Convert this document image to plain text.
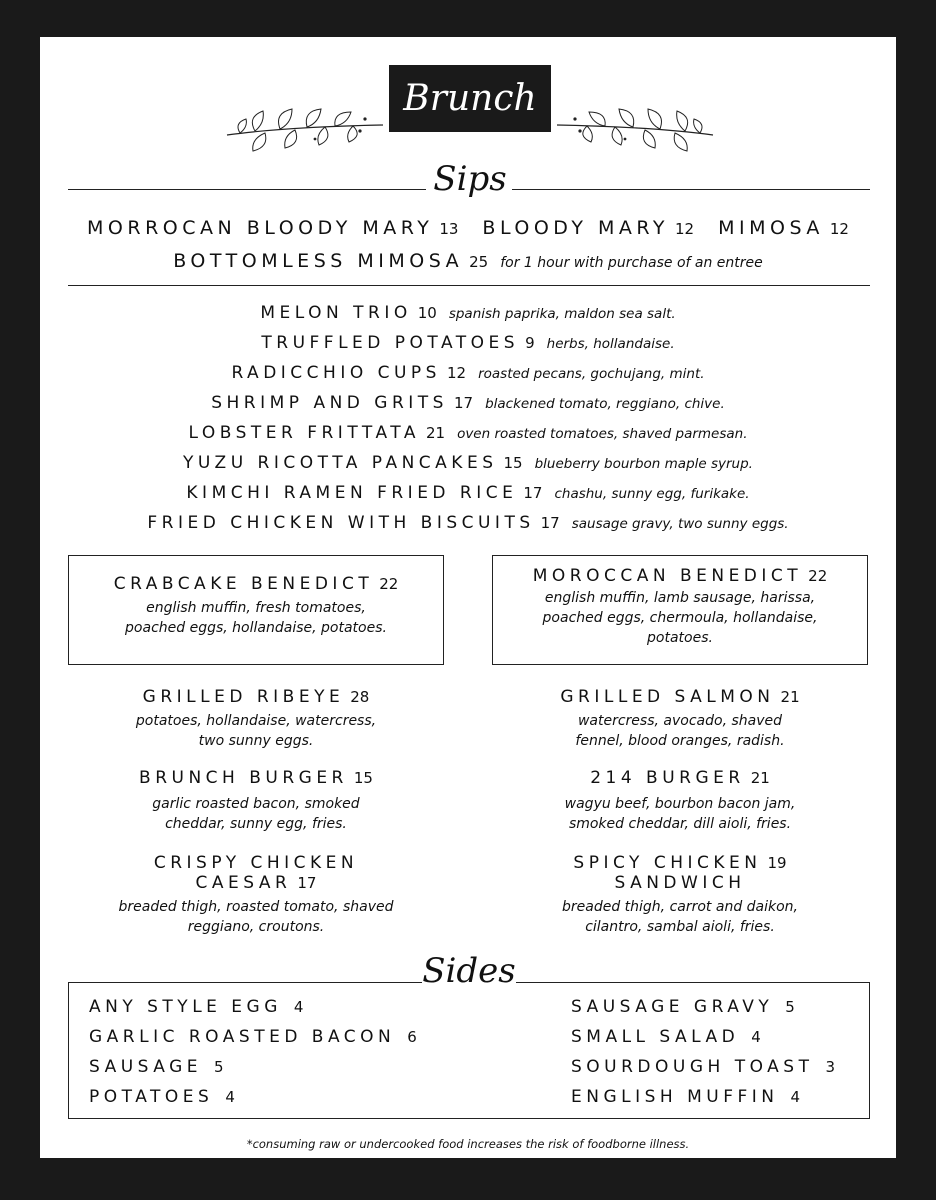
Brunch
Sips
MORROCAN BLOODY MARY 13 BLOODY MARY 12 MIMOSA 12
BOTTOMLESS MIMOSA 25 for 1 hour with purchase of an entree
MELON TRIO 10 spanish paprika, maldon sea salt.
TRUFFLED POTATOES 9 herbs, hollandaise.
RADICCHIO CUPS 12 roasted pecans, gochujang, mint.
SHRIMP AND GRITS 17 blackened tomato, reggiano, chive.
LOBSTER FRITTATA 21 oven roasted tomatoes, shaved parmesan.
YUZU RICOTTA PANCAKES 15 blueberry bourbon maple syrup.
KIMCHI RAMEN FRIED RICE 17 chashu, sunny egg, furikake.
FRIED CHICKEN WITH BISCUITS 17 sausage gravy, two sunny eggs.
CRABCAKE BENEDICT 22
english muffin, fresh tomatoes,
poached eggs, hollandaise, potatoes.
MOROCCAN BENEDICT 22
english muffin, lamb sausage, harissa,
poached eggs, chermoula, hollandaise,
potatoes.
GRILLED RIBEYE 28
potatoes, hollandaise, watercress,
two sunny eggs.
BRUNCH BURGER 15
garlic roasted bacon, smoked
cheddar, sunny egg, fries.
CRISPY CHICKEN
CAESAR 17
breaded thigh, roasted tomato, shaved
reggiano, croutons.
GRILLED SALMON 21
watercress, avocado, shaved
fennel, blood oranges, radish.
214 BURGER 21
wagyu beef, bourbon bacon jam,
smoked cheddar, dill aioli, fries.
SPICY CHICKEN 19
SANDWICH
breaded thigh, carrot and daikon,
cilantro, sambal aioli, fries.
ANY STYLE EGG 4
GARLIC ROASTED BACON 6
SAUSAGE 5
POTATOES 4
SAUSAGE GRAVY 5
SMALL SALAD 4
SOURDOUGH TOAST 3
ENGLISH MUFFIN 4
Sides
*consuming raw or undercooked food increases the risk of foodborne illness.
